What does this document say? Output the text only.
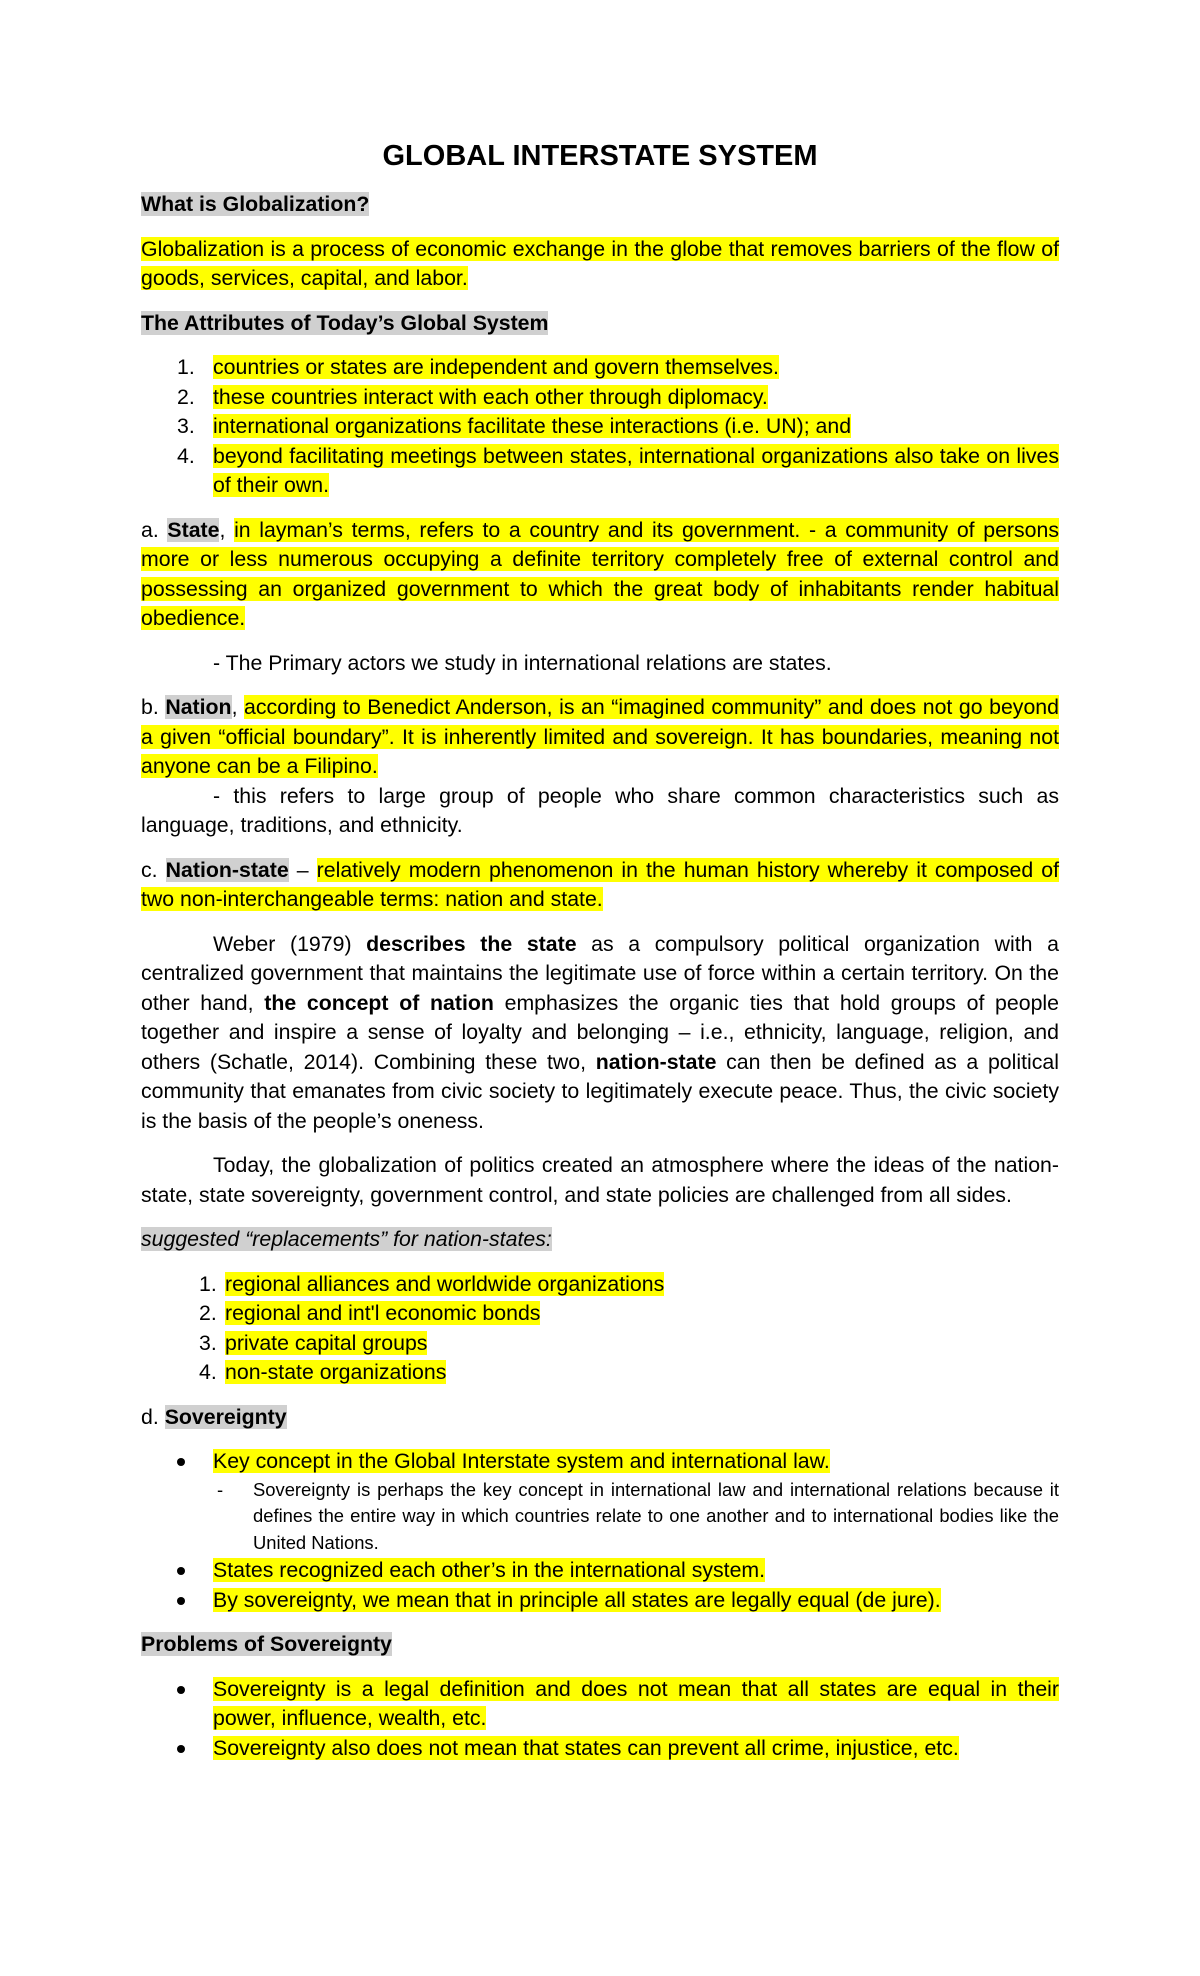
GLOBAL INTERSTATE SYSTEM

What is Globalization?

Globalization is a process of economic exchange in the globe that removes barriers of the flow of goods, services, capital, and labor.

The Attributes of Today’s Global System

1. countries or states are independent and govern themselves.
2. these countries interact with each other through diplomacy.
3. international organizations facilitate these interactions (i.e. UN); and
4. beyond facilitating meetings between states, international organizations also take on lives of their own.

a. State, in layman’s terms, refers to a country and its government. - a community of persons more or less numerous occupying a definite territory completely free of external control and possessing an organized government to which the great body of inhabitants render habitual obedience.

- The Primary actors we study in international relations are states.

b. Nation, according to Benedict Anderson, is an “imagined community” and does not go beyond a given “official boundary”. It is inherently limited and sovereign. It has boundaries, meaning not anyone can be a Filipino.

- this refers to large group of people who share common characteristics such as language, traditions, and ethnicity.

c. Nation-state – relatively modern phenomenon in the human history whereby it composed of two non-interchangeable terms: nation and state.

Weber (1979) describes the state as a compulsory political organization with a centralized government that maintains the legitimate use of force within a certain territory. On the other hand, the concept of nation emphasizes the organic ties that hold groups of people together and inspire a sense of loyalty and belonging – i.e., ethnicity, language, religion, and others (Schatle, 2014). Combining these two, nation-state can then be defined as a political community that emanates from civic society to legitimately execute peace. Thus, the civic society is the basis of the people’s oneness.

Today, the globalization of politics created an atmosphere where the ideas of the nation-state, state sovereignty, government control, and state policies are challenged from all sides.

suggested “replacements” for nation-states:

1. regional alliances and worldwide organizations
2. regional and int'l economic bonds
3. private capital groups
4. non-state organizations

d. Sovereignty

Key concept in the Global Interstate system and international law.
- Sovereignty is perhaps the key concept in international law and international relations because it defines the entire way in which countries relate to one another and to international bodies like the United Nations.
States recognized each other’s in the international system.
By sovereignty, we mean that in principle all states are legally equal (de jure).

Problems of Sovereignty

Sovereignty is a legal definition and does not mean that all states are equal in their power, influence, wealth, etc.
Sovereignty also does not mean that states can prevent all crime, injustice, etc.
